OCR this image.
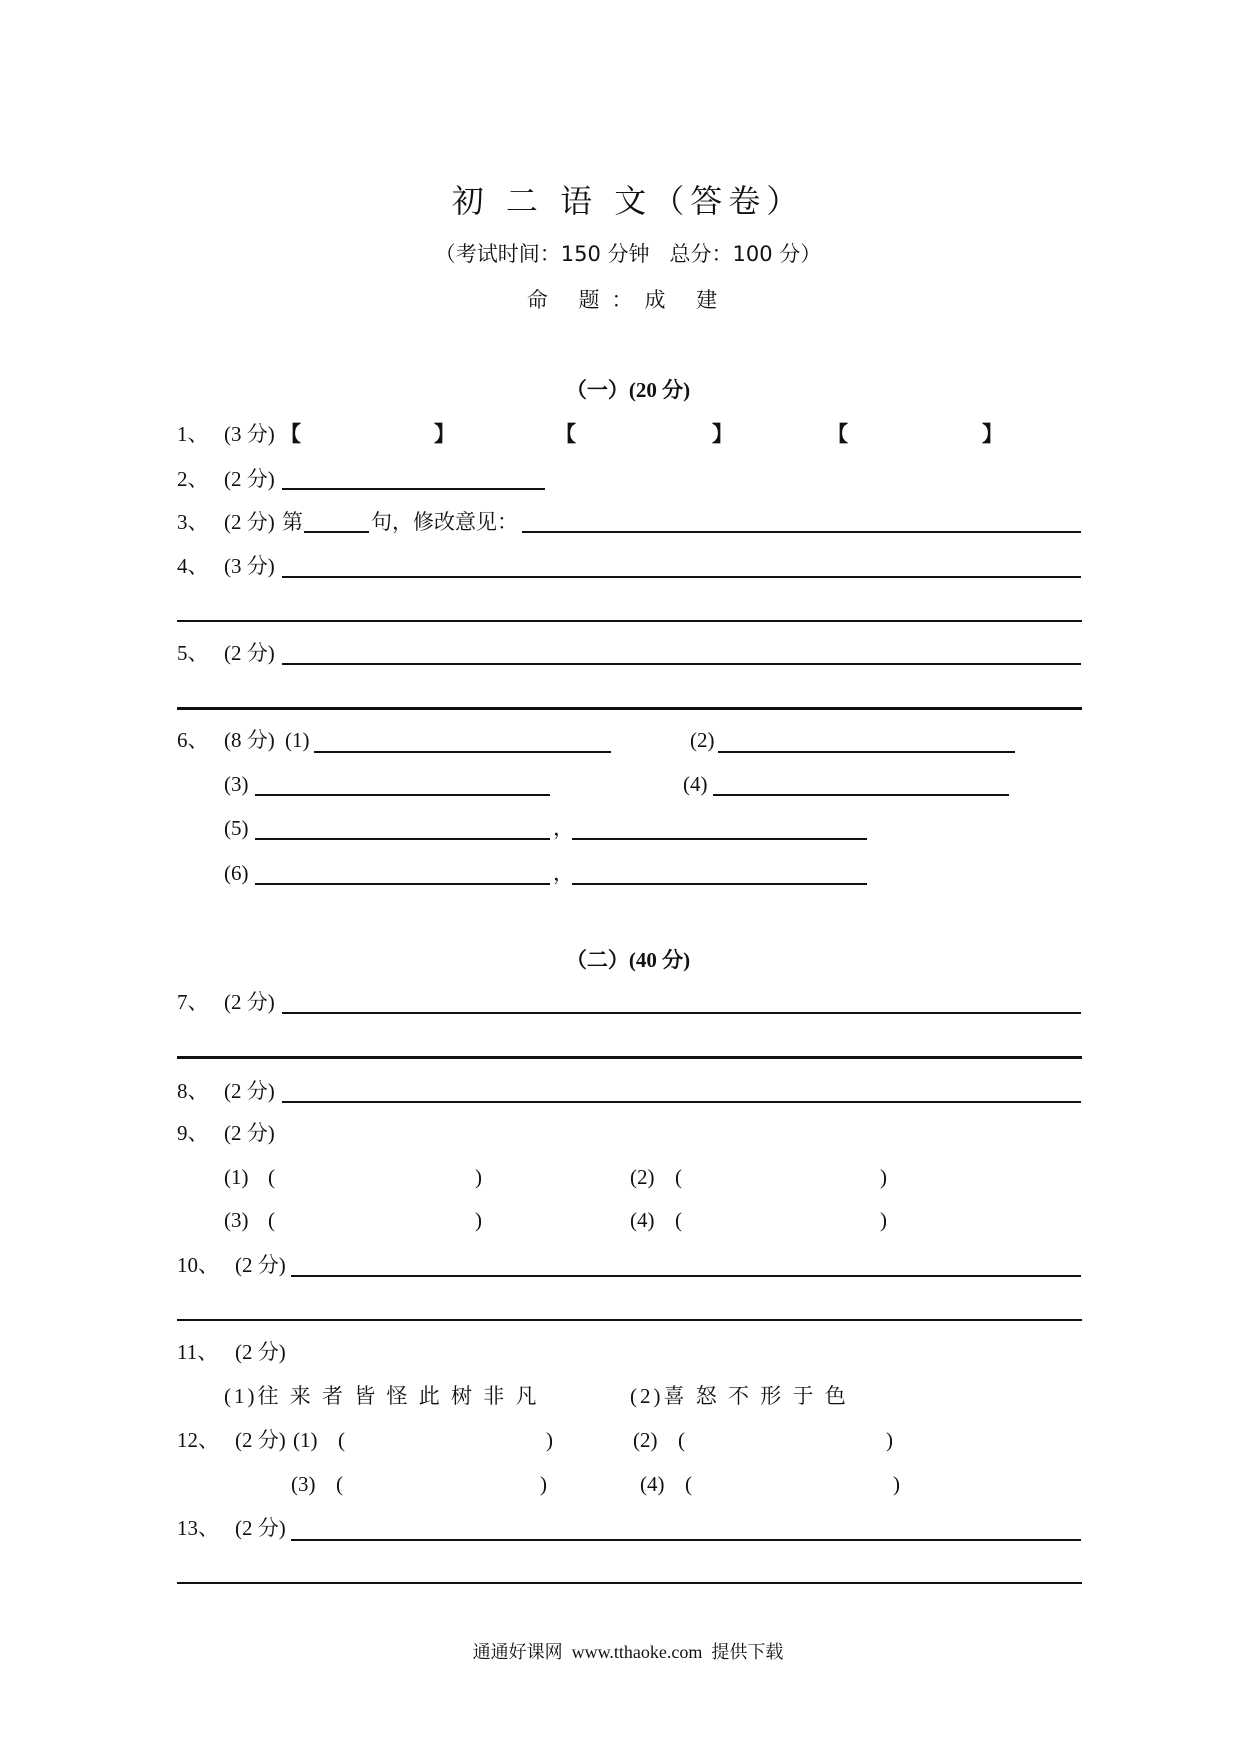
初 二 语 文（答卷）
（考试时间：150 分钟   总分：100 分）
命 题：成 建
（一）(20 分)
1、 (3 分) 【	】	【	】	【	】
2、 (2 分)
3、 (2 分) 第	句，修改意见：
4、 (3 分)
5、 (2 分)
6、 (8 分) (1)	(2)
(3)	(4)
(5)	，
(6)	，
（二）(40 分)
7、 (2 分)
8、 (2 分)
9、 (2 分)
(1) (	)	(2) (	)
(3) (	)	(4) (	)
10、 (2 分)
11、 (2 分)
(1)往 来 者 皆 怪 此 树 非 凡	(2)喜 怒 不 形 于 色
12、 (2 分) (1) (	)	(2) (	)
(3) (	)	(4) (	)
13、 (2 分)
通通好课网  www.tthaoke.com  提供下载
